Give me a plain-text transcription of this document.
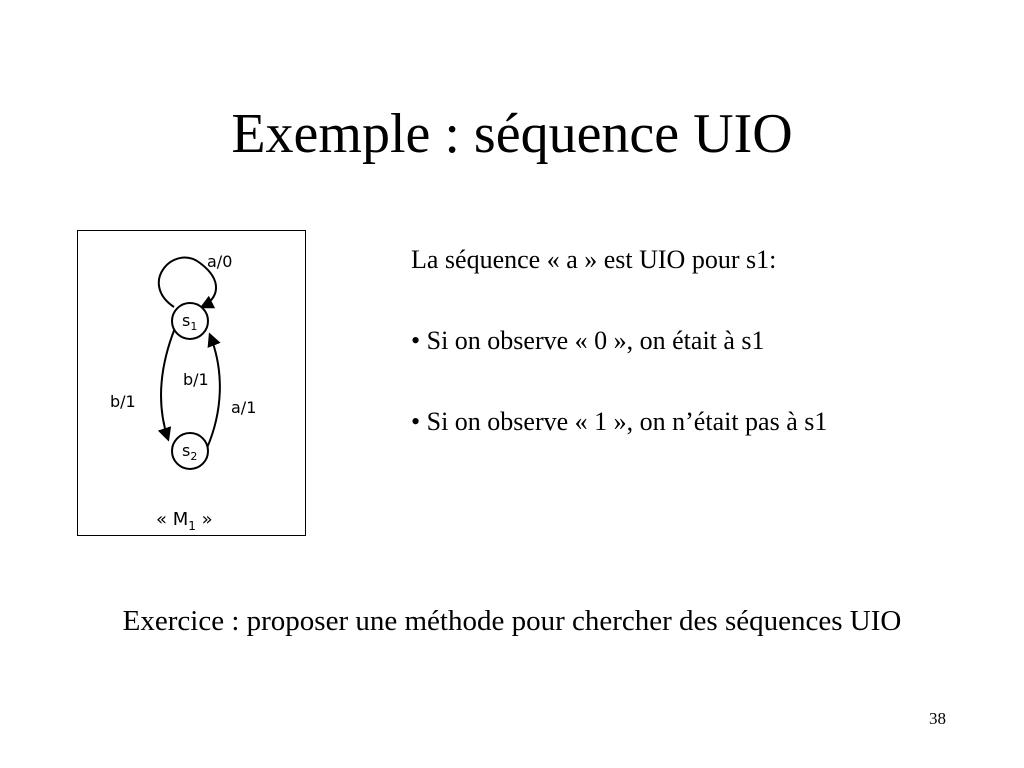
Exemple : séquence UIO
a/0
b/1
b/1
a/1
$s_1$
$s_2$
« $M_1$ »

La séquence « a » est UIO pour s1:

• Si on observe « 0 », on était à s1

• Si on observe « 1 », on n’était pas à s1

Exercice : proposer une méthode pour chercher des séquences UIO
38
